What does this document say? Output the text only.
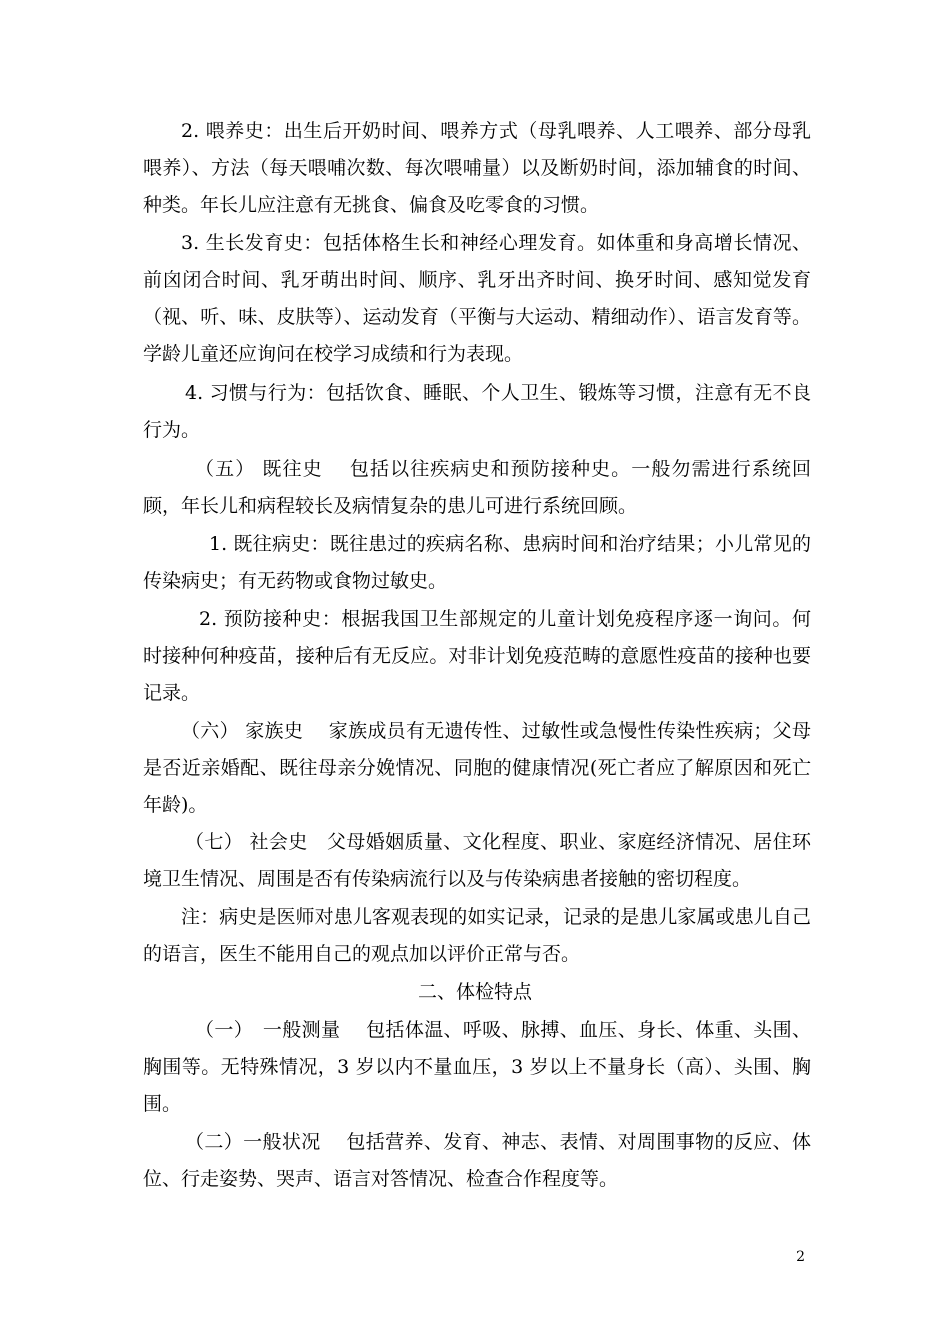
2. 喂养史：出生后开奶时间、喂养方式（母乳喂养、人工喂养、部分母乳喂养）、方法（每天喂哺次数、每次喂哺量）以及断奶时间，添加辅食的时间、种类。年长儿应注意有无挑食、偏食及吃零食的习惯。

3. 生长发育史：包括体格生长和神经心理发育。如体重和身高增长情况、前囟闭合时间、乳牙萌出时间、顺序、乳牙出齐时间、换牙时间、感知觉发育（视、听、味、皮肤等）、运动发育（平衡与大运动、精细动作）、语言发育等。学龄儿童还应询问在校学习成绩和行为表现。

4. 习惯与行为：包括饮食、睡眠、个人卫生、锻炼等习惯，注意有无不良行为。

（五） 既往史　 包括以往疾病史和预防接种史。一般勿需进行系统回顾，年长儿和病程较长及病情复杂的患儿可进行系统回顾。

1. 既往病史：既往患过的疾病名称、患病时间和治疗结果；小儿常见的传染病史；有无药物或食物过敏史。

2. 预防接种史：根据我国卫生部规定的儿童计划免疫程序逐一询问。何时接种何种疫苗，接种后有无反应。对非计划免疫范畴的意愿性疫苗的接种也要记录。

（六） 家族史　 家族成员有无遗传性、过敏性或急慢性传染性疾病；父母是否近亲婚配、既往母亲分娩情况、同胞的健康情况(死亡者应了解原因和死亡年龄)。

（七） 社会史　父母婚姻质量、文化程度、职业、家庭经济情况、居住环境卫生情况、周围是否有传染病流行以及与传染病患者接触的密切程度。

注：病史是医师对患儿客观表现的如实记录，记录的是患儿家属或患儿自己的语言，医生不能用自己的观点加以评价正常与否。

二、体检特点

（一）　一般测量　 包括体温、呼吸、脉搏、血压、身长、体重、头围、胸围等。无特殊情况，3 岁以内不量血压，3 岁以上不量身长（高）、头围、胸围。

（二）一般状况　 包括营养、发育、神志、表情、对周围事物的反应、体位、行走姿势、哭声、语言对答情况、检查合作程度等。

2
